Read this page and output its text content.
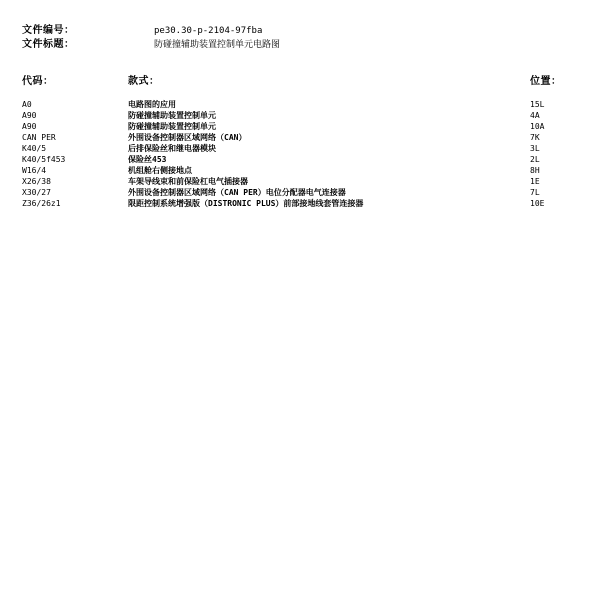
文件编号：	pe30.30-p-2104-97fba
文件标题：	防碰撞辅助装置控制单元电路图
代码：	款式：	位置：
A0	电路图的应用	15L
A90	防碰撞辅助装置控制单元	4A
A90	防碰撞辅助装置控制单元	10A
CAN PER	外围设备控制器区域网络（CAN）	7K
K40/5	后排保险丝和继电器模块	3L
K40/5f453	保险丝453	2L
W16/4	机组舱右侧接地点	8H
X26/38	车架导线束和前保险杠电气插接器	1E
X30/27	外围设备控制器区域网络（CAN PER）电位分配器电气连接器	7L
Z36/26z1	限距控制系统增强版（DISTRONIC PLUS）前部接地线套管连接器	10E
